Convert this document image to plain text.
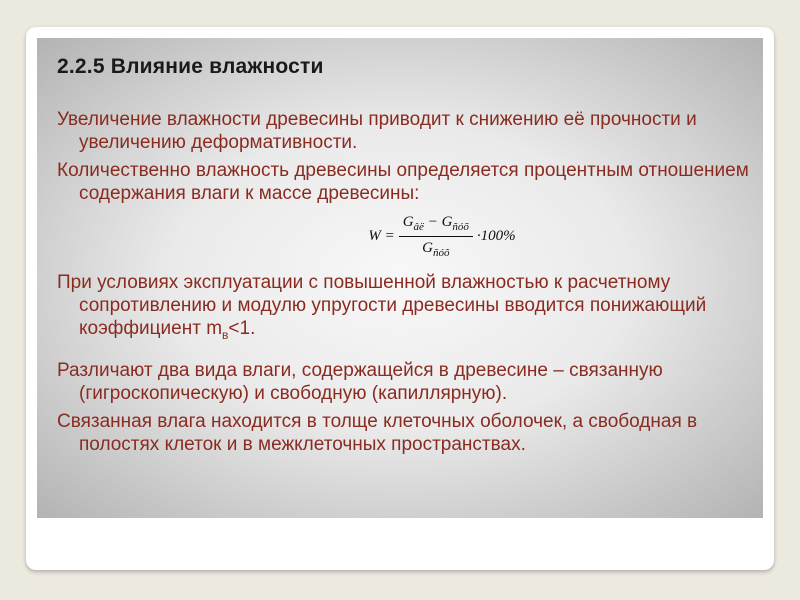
2.2.5 Влияние влажности

Увеличение влажности древесины приводит к снижению её прочности и увеличению деформативности.

Количественно влажность древесины определяется процентным отношением содержания влаги к массе древесины:

$W = \frac{G_{âë} - G_{ñóõ}}{G_{ñóõ}} \cdot 100\%$

При условиях эксплуатации с повышенной влажностью к расчетному сопротивлению и модулю упругости древесины вводится понижающий коэффициент $m_в<1$.

Различают два вида влаги, содержащейся в древесине – связанную (гигроскопическую) и свободную (капиллярную).

Связанная влага находится в толще клеточных оболочек, а свободная в полостях клеток и в межклеточных пространствах.
